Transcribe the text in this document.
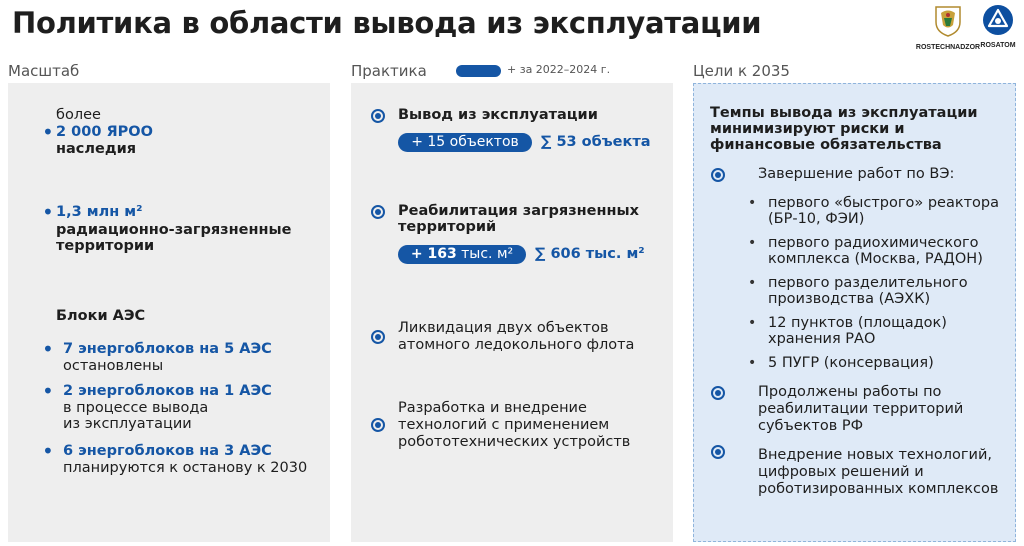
Политика в области вывода из эксплуатации
ROSTECHNADZOR ROSATOM
Масштаб	Практика	+ за 2022–2024 г.	Цели к 2035
более
• 2 000 ЯРОО
наследия
• 1,3 млн м²
радиационно-загрязненные
территории
Блоки АЭС
• 7 энергоблоков на 5 АЭС
остановлены
• 2 энергоблоков на 1 АЭС
в процессе вывода
из эксплуатации
• 6 энергоблоков на 3 АЭС
планируются к останову к 2030
Вывод из эксплуатации
+ 15 объектов	∑ 53 объекта
Реабилитация загрязненных
территорий
+ 163 тыс. м²	∑ 606 тыс. м²
Ликвидация двух объектов
атомного ледокольного флота
Разработка и внедрение
технологий с применением
робототехнических устройств
Темпы вывода из эксплуатации
минимизируют риски и
финансовые обязательства
Завершение работ по ВЭ:
• первого «быстрого» реактора
(БР-10, ФЭИ)
• первого радиохимического
комплекса (Москва, РАДОН)
• первого разделительного
производства (АЭХК)
• 12 пунктов (площадок)
хранения РАО
• 5 ПУГР (консервация)
Продолжены работы по
реабилитации территорий
субъектов РФ
Внедрение новых технологий,
цифровых решений и
роботизированных комплексов
